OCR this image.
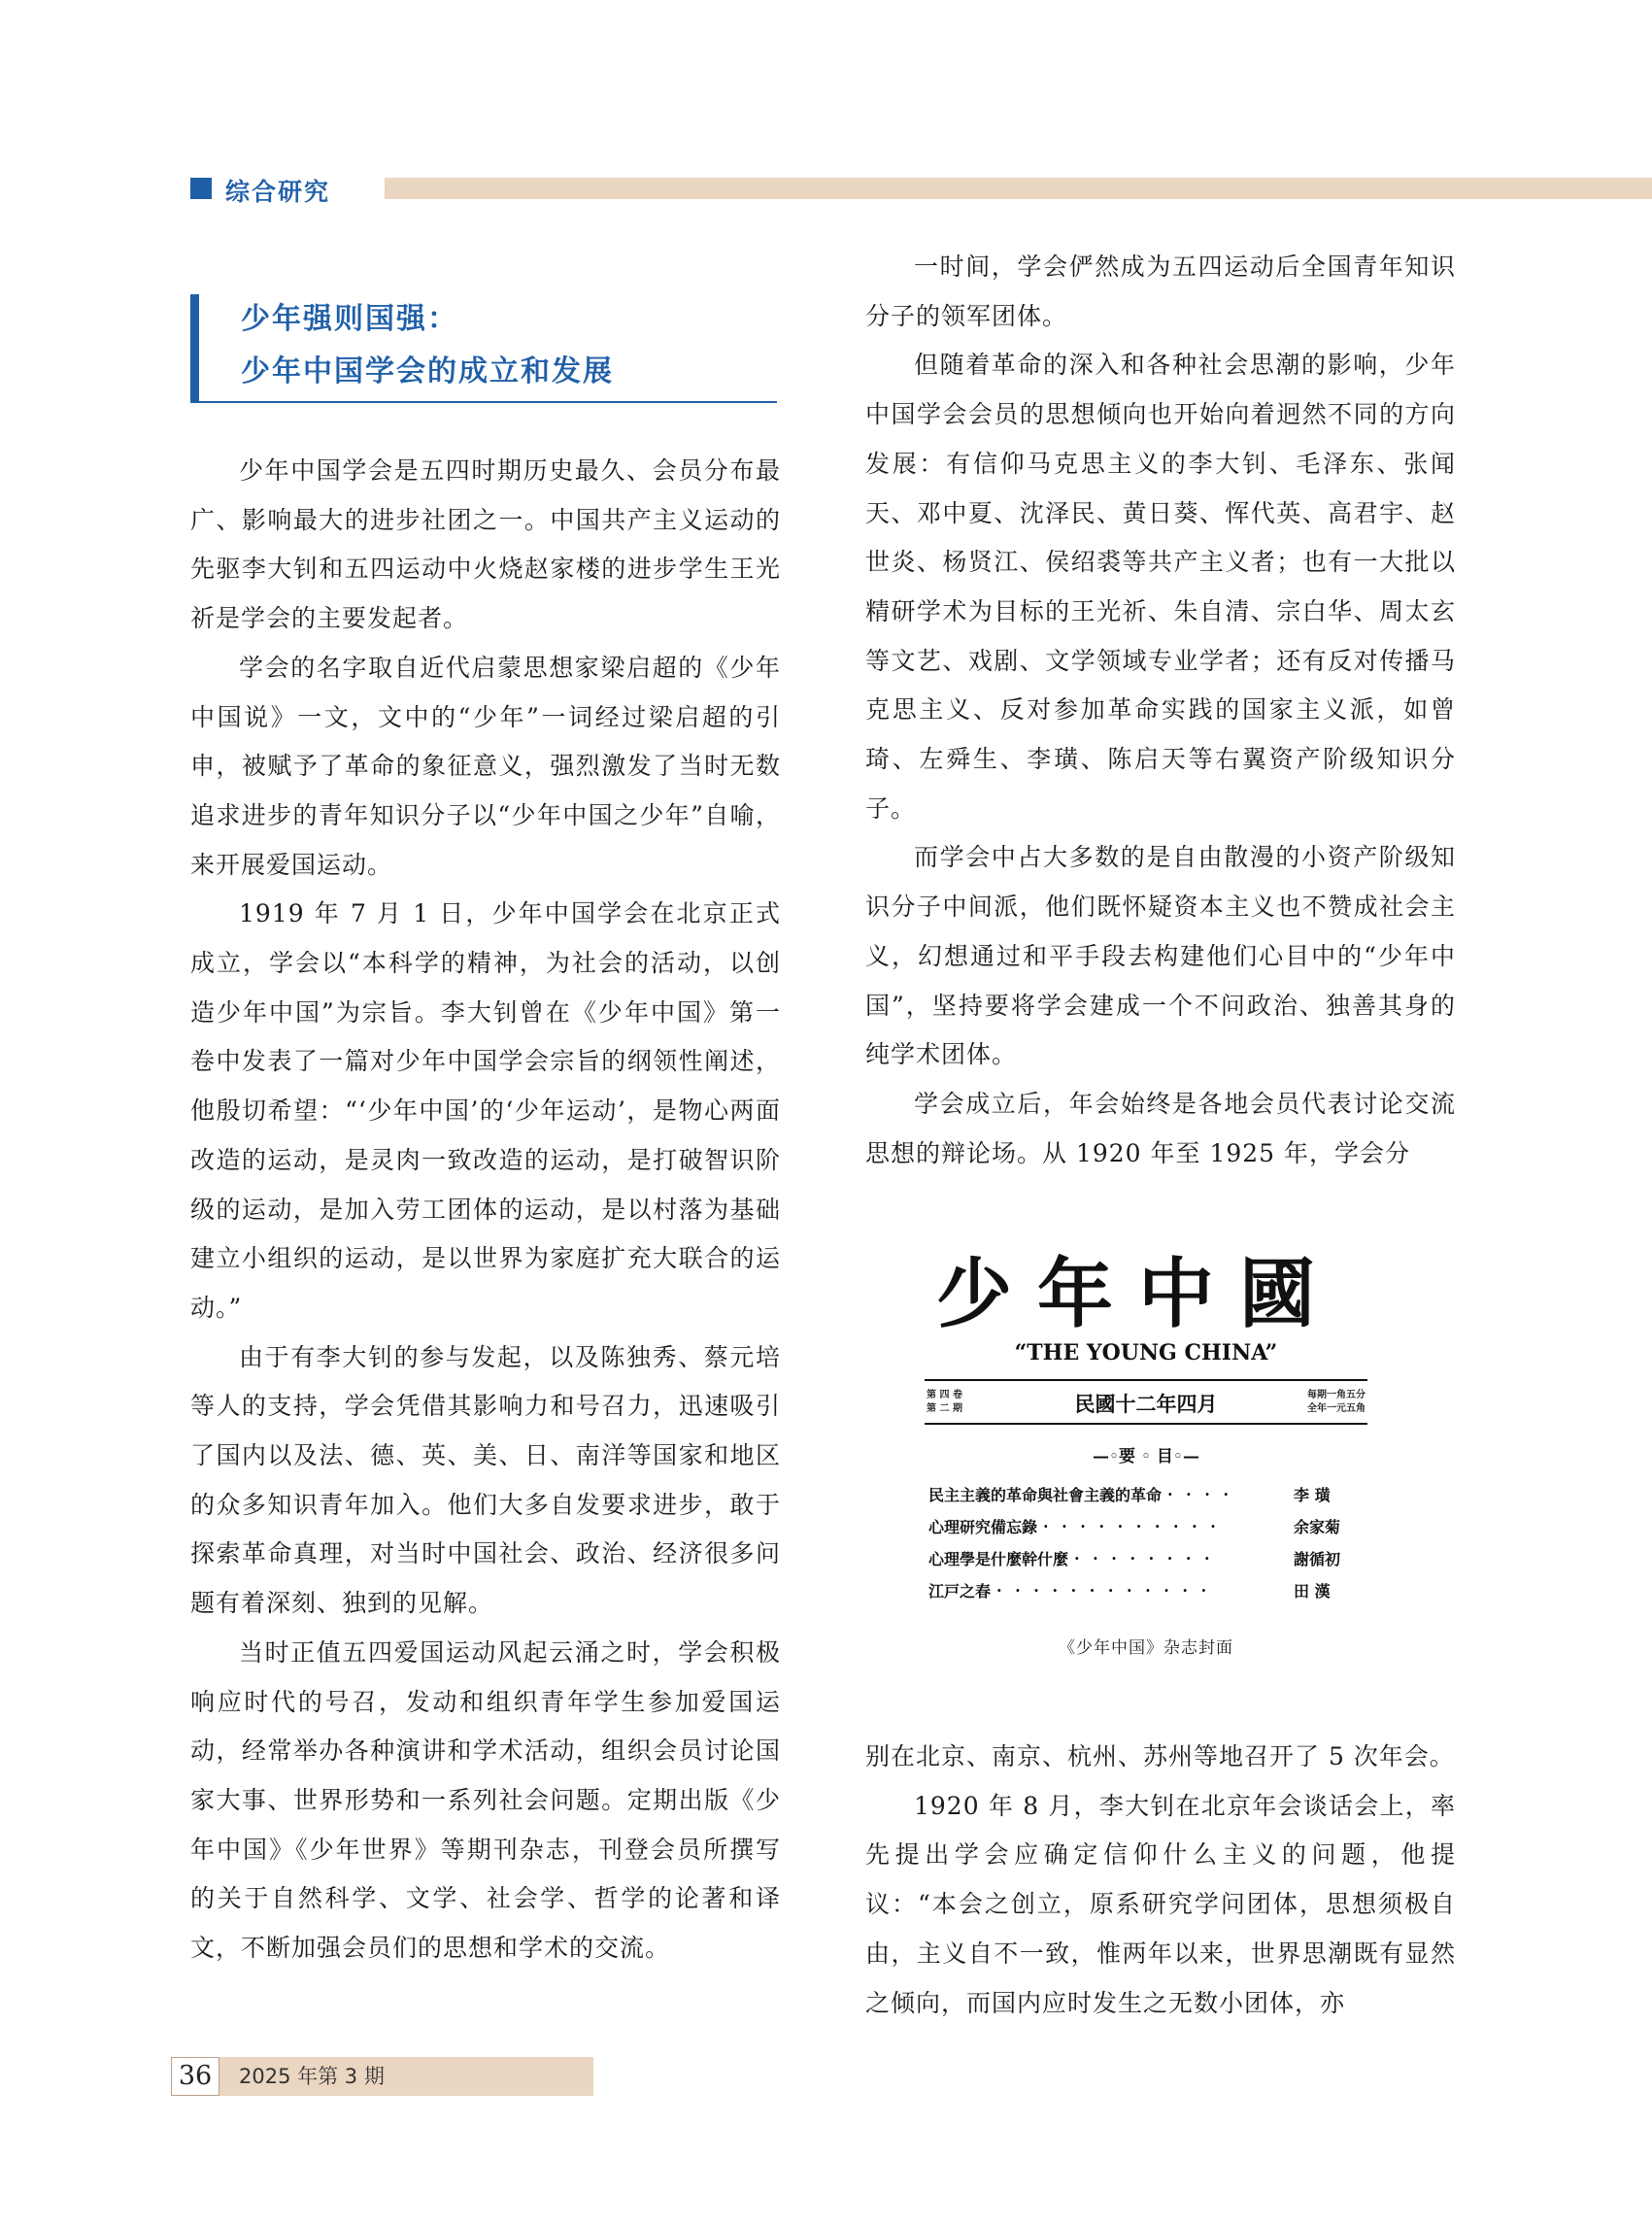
综合研究
少年强则国强：
少年中国学会的成立和发展

少年中国学会是五四时期历史最久、会员分布最广、影响最大的进步社团之一。中国共产主义运动的先驱李大钊和五四运动中火烧赵家楼的进步学生王光祈是学会的主要发起者。

学会的名字取自近代启蒙思想家梁启超的《少年中国说》一文，文中的“少年”一词经过梁启超的引申，被赋予了革命的象征意义，强烈激发了当时无数追求进步的青年知识分子以“少年中国之少年”自喻，来开展爱国运动。

1919 年 7 月 1 日，少年中国学会在北京正式成立，学会以“本科学的精神，为社会的活动，以创造少年中国”为宗旨。李大钊曾在《少年中国》第一卷中发表了一篇对少年中国学会宗旨的纲领性阐述，他殷切希望：“‘少年中国’的‘少年运动’，是物心两面改造的运动，是灵肉一致改造的运动，是打破智识阶级的运动，是加入劳工团体的运动，是以村落为基础建立小组织的运动，是以世界为家庭扩充大联合的运动。”

由于有李大钊的参与发起，以及陈独秀、蔡元培等人的支持，学会凭借其影响力和号召力，迅速吸引了国内以及法、德、英、美、日、南洋等国家和地区的众多知识青年加入。他们大多自发要求进步，敢于探索革命真理，对当时中国社会、政治、经济很多问题有着深刻、独到的见解。

当时正值五四爱国运动风起云涌之时，学会积极响应时代的号召，发动和组织青年学生参加爱国运动，经常举办各种演讲和学术活动，组织会员讨论国家大事、世界形势和一系列社会问题。定期出版《少年中国》《少年世界》等期刊杂志，刊登会员所撰写的关于自然科学、文学、社会学、哲学的论著和译文，不断加强会员们的思想和学术的交流。

一时间，学会俨然成为五四运动后全国青年知识分子的领军团体。

但随着革命的深入和各种社会思潮的影响，少年中国学会会员的思想倾向也开始向着迥然不同的方向发展：有信仰马克思主义的李大钊、毛泽东、张闻天、邓中夏、沈泽民、黄日葵、恽代英、高君宇、赵世炎、杨贤江、侯绍裘等共产主义者；也有一大批以精研学术为目标的王光祈、朱自清、宗白华、周太玄等文艺、戏剧、文学领域专业学者；还有反对传播马克思主义、反对参加革命实践的国家主义派，如曾琦、左舜生、李璜、陈启天等右翼资产阶级知识分子。

而学会中占大多数的是自由散漫的小资产阶级知识分子中间派，他们既怀疑资本主义也不赞成社会主义，幻想通过和平手段去构建他们心目中的“少年中国”，坚持要将学会建成一个不问政治、独善其身的纯学术团体。

学会成立后，年会始终是各地会员代表讨论交流思想的辩论场。从 1920 年至 1925 年，学会分

少年中國
“THE YOUNG CHINA”
第 四 卷
第 二 期	民國十二年四月	每期一角五分
全年一元五角
—◦要 ◦ 目◦—
民主主義的革命與社會主義的革命 · · · ·	李 璜
心理研究備忘錄 · · · · · · · · · ·	余家菊
心理學是什麼幹什麼 · · · · · · · ·	謝循初
江戸之春 · · · · · · · · · · · ·	田 漢
《少年中国》杂志封面

别在北京、南京、杭州、苏州等地召开了 5 次年会。

1920 年 8 月，李大钊在北京年会谈话会上，率先提出学会应确定信仰什么主义的问题，他提议：“本会之创立，原系研究学问团体，思想须极自由，主义自不一致，惟两年以来，世界思潮既有显然之倾向，而国内应时发生之无数小团体，亦

36	2025 年第 3 期
